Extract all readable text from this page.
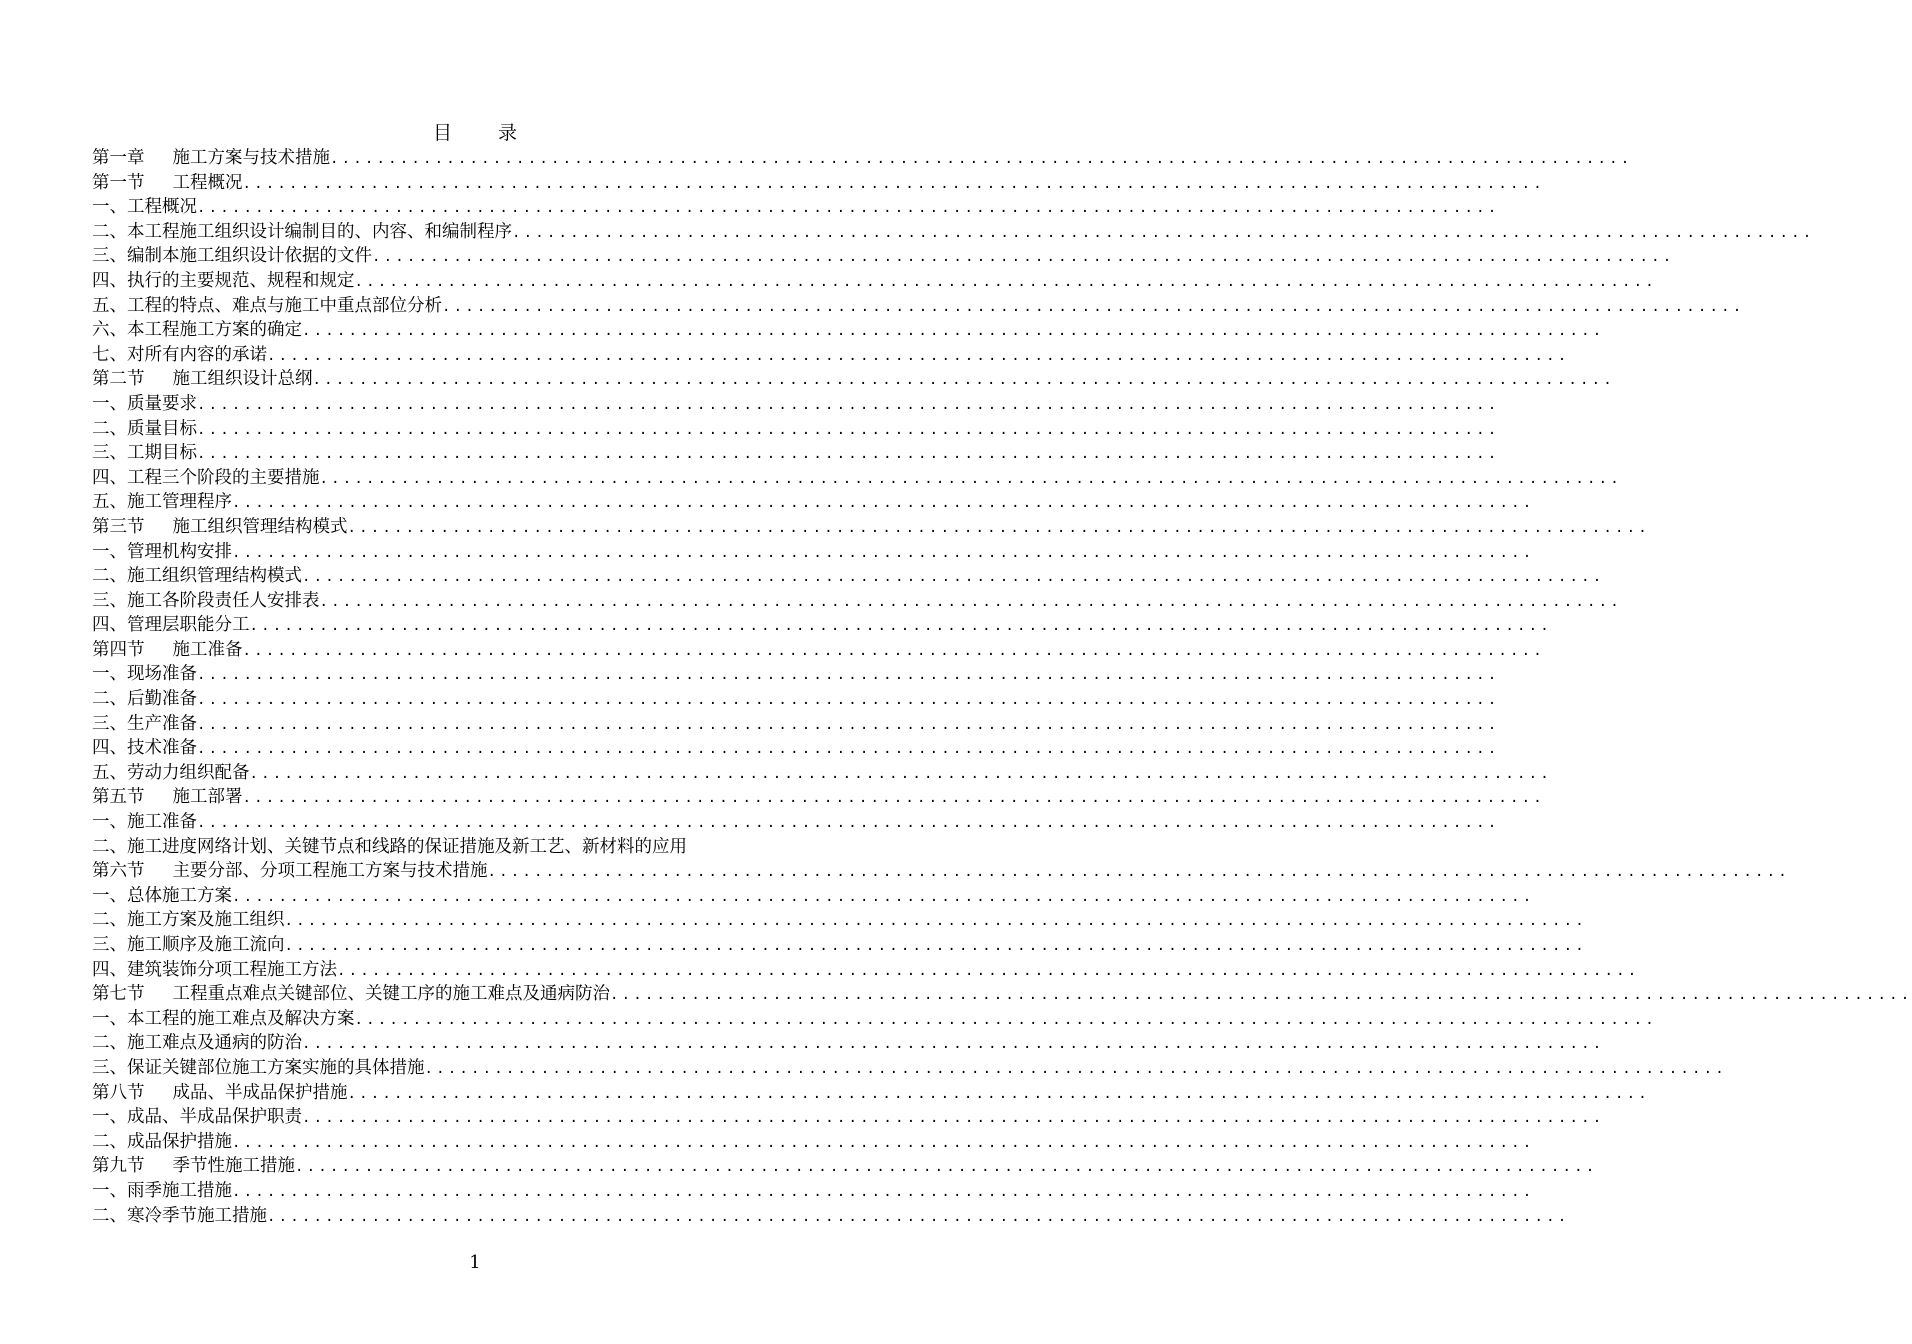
目 录
第一章 施工方案与技术措施 ................................................................................................................
第一节 工程概况 ................................................................................................................
一、工程概况 ................................................................................................................
二、本工程施工组织设计编制目的、内容、和编制程序 ................................................................................................................
三、编制本施工组织设计依据的文件 ................................................................................................................
四、执行的主要规范、规程和规定 ................................................................................................................
五、工程的特点、难点与施工中重点部位分析 ................................................................................................................
六、本工程施工方案的确定 ................................................................................................................
七、对所有内容的承诺 ................................................................................................................
第二节 施工组织设计总纲 ................................................................................................................
一、质量要求 ................................................................................................................
二、质量目标 ................................................................................................................
三、工期目标 ................................................................................................................
四、工程三个阶段的主要措施 ................................................................................................................
五、施工管理程序 ................................................................................................................
第三节 施工组织管理结构模式 ................................................................................................................
一、管理机构安排 ................................................................................................................
二、施工组织管理结构模式 ................................................................................................................
三、施工各阶段责任人安排表 ................................................................................................................
四、管理层职能分工 ................................................................................................................
第四节 施工准备 ................................................................................................................
一、现场准备 ................................................................................................................
二、后勤准备 ................................................................................................................
三、生产准备 ................................................................................................................
四、技术准备 ................................................................................................................
五、劳动力组织配备 ................................................................................................................
第五节 施工部署 ................................................................................................................
一、施工准备 ................................................................................................................
二、施工进度网络计划、关键节点和线路的保证措施及新工艺、新材料的应用
第六节 主要分部、分项工程施工方案与技术措施 ................................................................................................................
一、总体施工方案 ................................................................................................................
二、施工方案及施工组织 ................................................................................................................
三、施工顺序及施工流向 ................................................................................................................
四、建筑装饰分项工程施工方法 ................................................................................................................
第七节 工程重点难点关键部位、关键工序的施工难点及通病防治 ................................................................................................................
一、本工程的施工难点及解决方案 ................................................................................................................
二、施工难点及通病的防治 ................................................................................................................
三、保证关键部位施工方案实施的具体措施 ................................................................................................................
第八节 成品、半成品保护措施 ................................................................................................................
一、成品、半成品保护职责 ................................................................................................................
二、成品保护措施 ................................................................................................................
第九节 季节性施工措施 ................................................................................................................
一、雨季施工措施 ................................................................................................................
二、寒冷季节施工措施 ................................................................................................................
1
